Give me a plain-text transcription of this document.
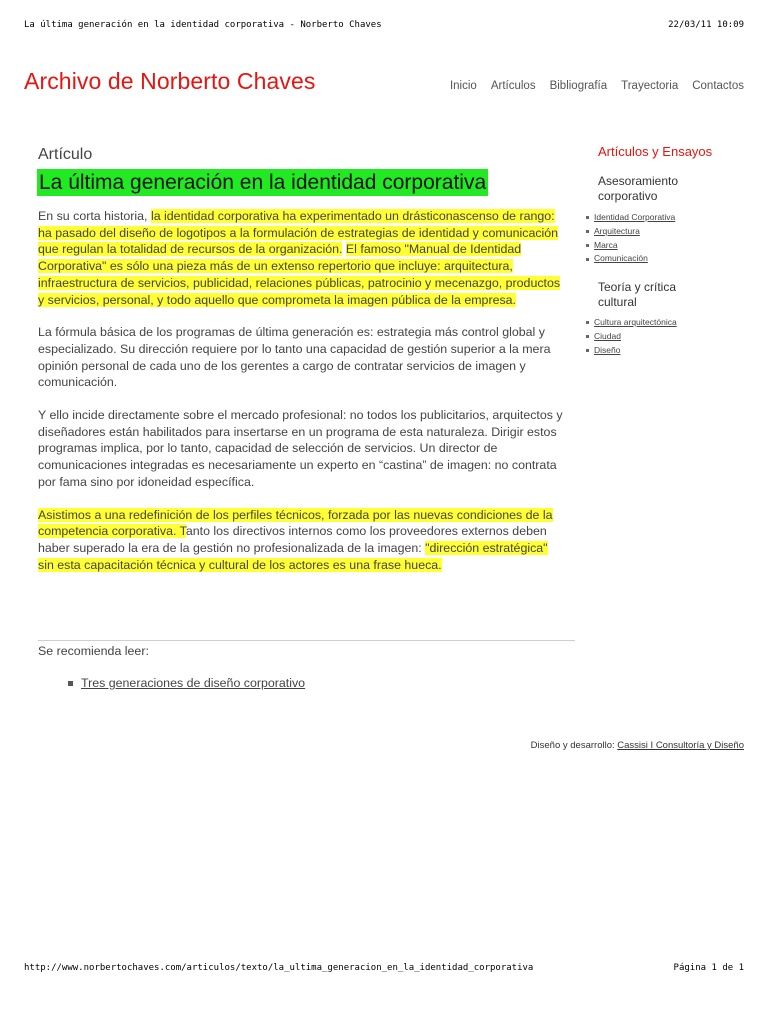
La última generación en la identidad corporativa - Norberto Chaves	22/03/11 10:09
Archivo de Norberto Chaves	Inicio Artículos Bibliografía Trayectoria Contactos
Artículo
La última generación en la identidad corporativa

En su corta historia, la identidad corporativa ha experimentado un drásticonascenso de rango: ha pasado del diseño de logotipos a la formulación de estrategias de identidad y comunicación que regulan la totalidad de recursos de la organización. El famoso "Manual de Identidad Corporativa" es sólo una pieza más de un extenso repertorio que incluye: arquitectura, infraestructura de servicios, publicidad, relaciones públicas, patrocinio y mecenazgo, productos y servicios, personal, y todo aquello que comprometa la imagen pública de la empresa.

La fórmula básica de los programas de última generación es: estrategia más control global y especializado. Su dirección requiere por lo tanto una capacidad de gestión superior a la mera opinión personal de cada uno de los gerentes a cargo de contratar servicios de imagen y comunicación.

Y ello incide directamente sobre el mercado profesional: no todos los publicitarios, arquitectos y diseñadores están habilitados para insertarse en un programa de esta naturaleza. Dirigir estos programas implica, por lo tanto, capacidad de selección de servicios. Un director de comunicaciones integradas es necesariamente un experto en “castina” de imagen: no contrata por fama sino por idoneidad específica.

Asistimos a una redefinición de los perfiles técnicos, forzada por las nuevas condiciones de la competencia corporativa. Tanto los directivos internos como los proveedores externos deben haber superado la era de la gestión no profesionalizada de la imagen: "dirección estratégica" sin esta capacitación técnica y cultural de los actores es una frase hueca.

Se recomienda leer:
Tres generaciones de diseño corporativo
Artículos y Ensayos
Asesoramiento corporativo
Identidad Corporativa
Arquitectura
Marca
Comunicación
Teoría y crítica cultural
Cultura arquitectónica
Ciudad
Diseño
Diseño y desarrollo: Cassisi I Consultoría y Diseño
http://www.norbertochaves.com/articulos/texto/la_ultima_generacion_en_la_identidad_corporativa	Página 1 de 1
